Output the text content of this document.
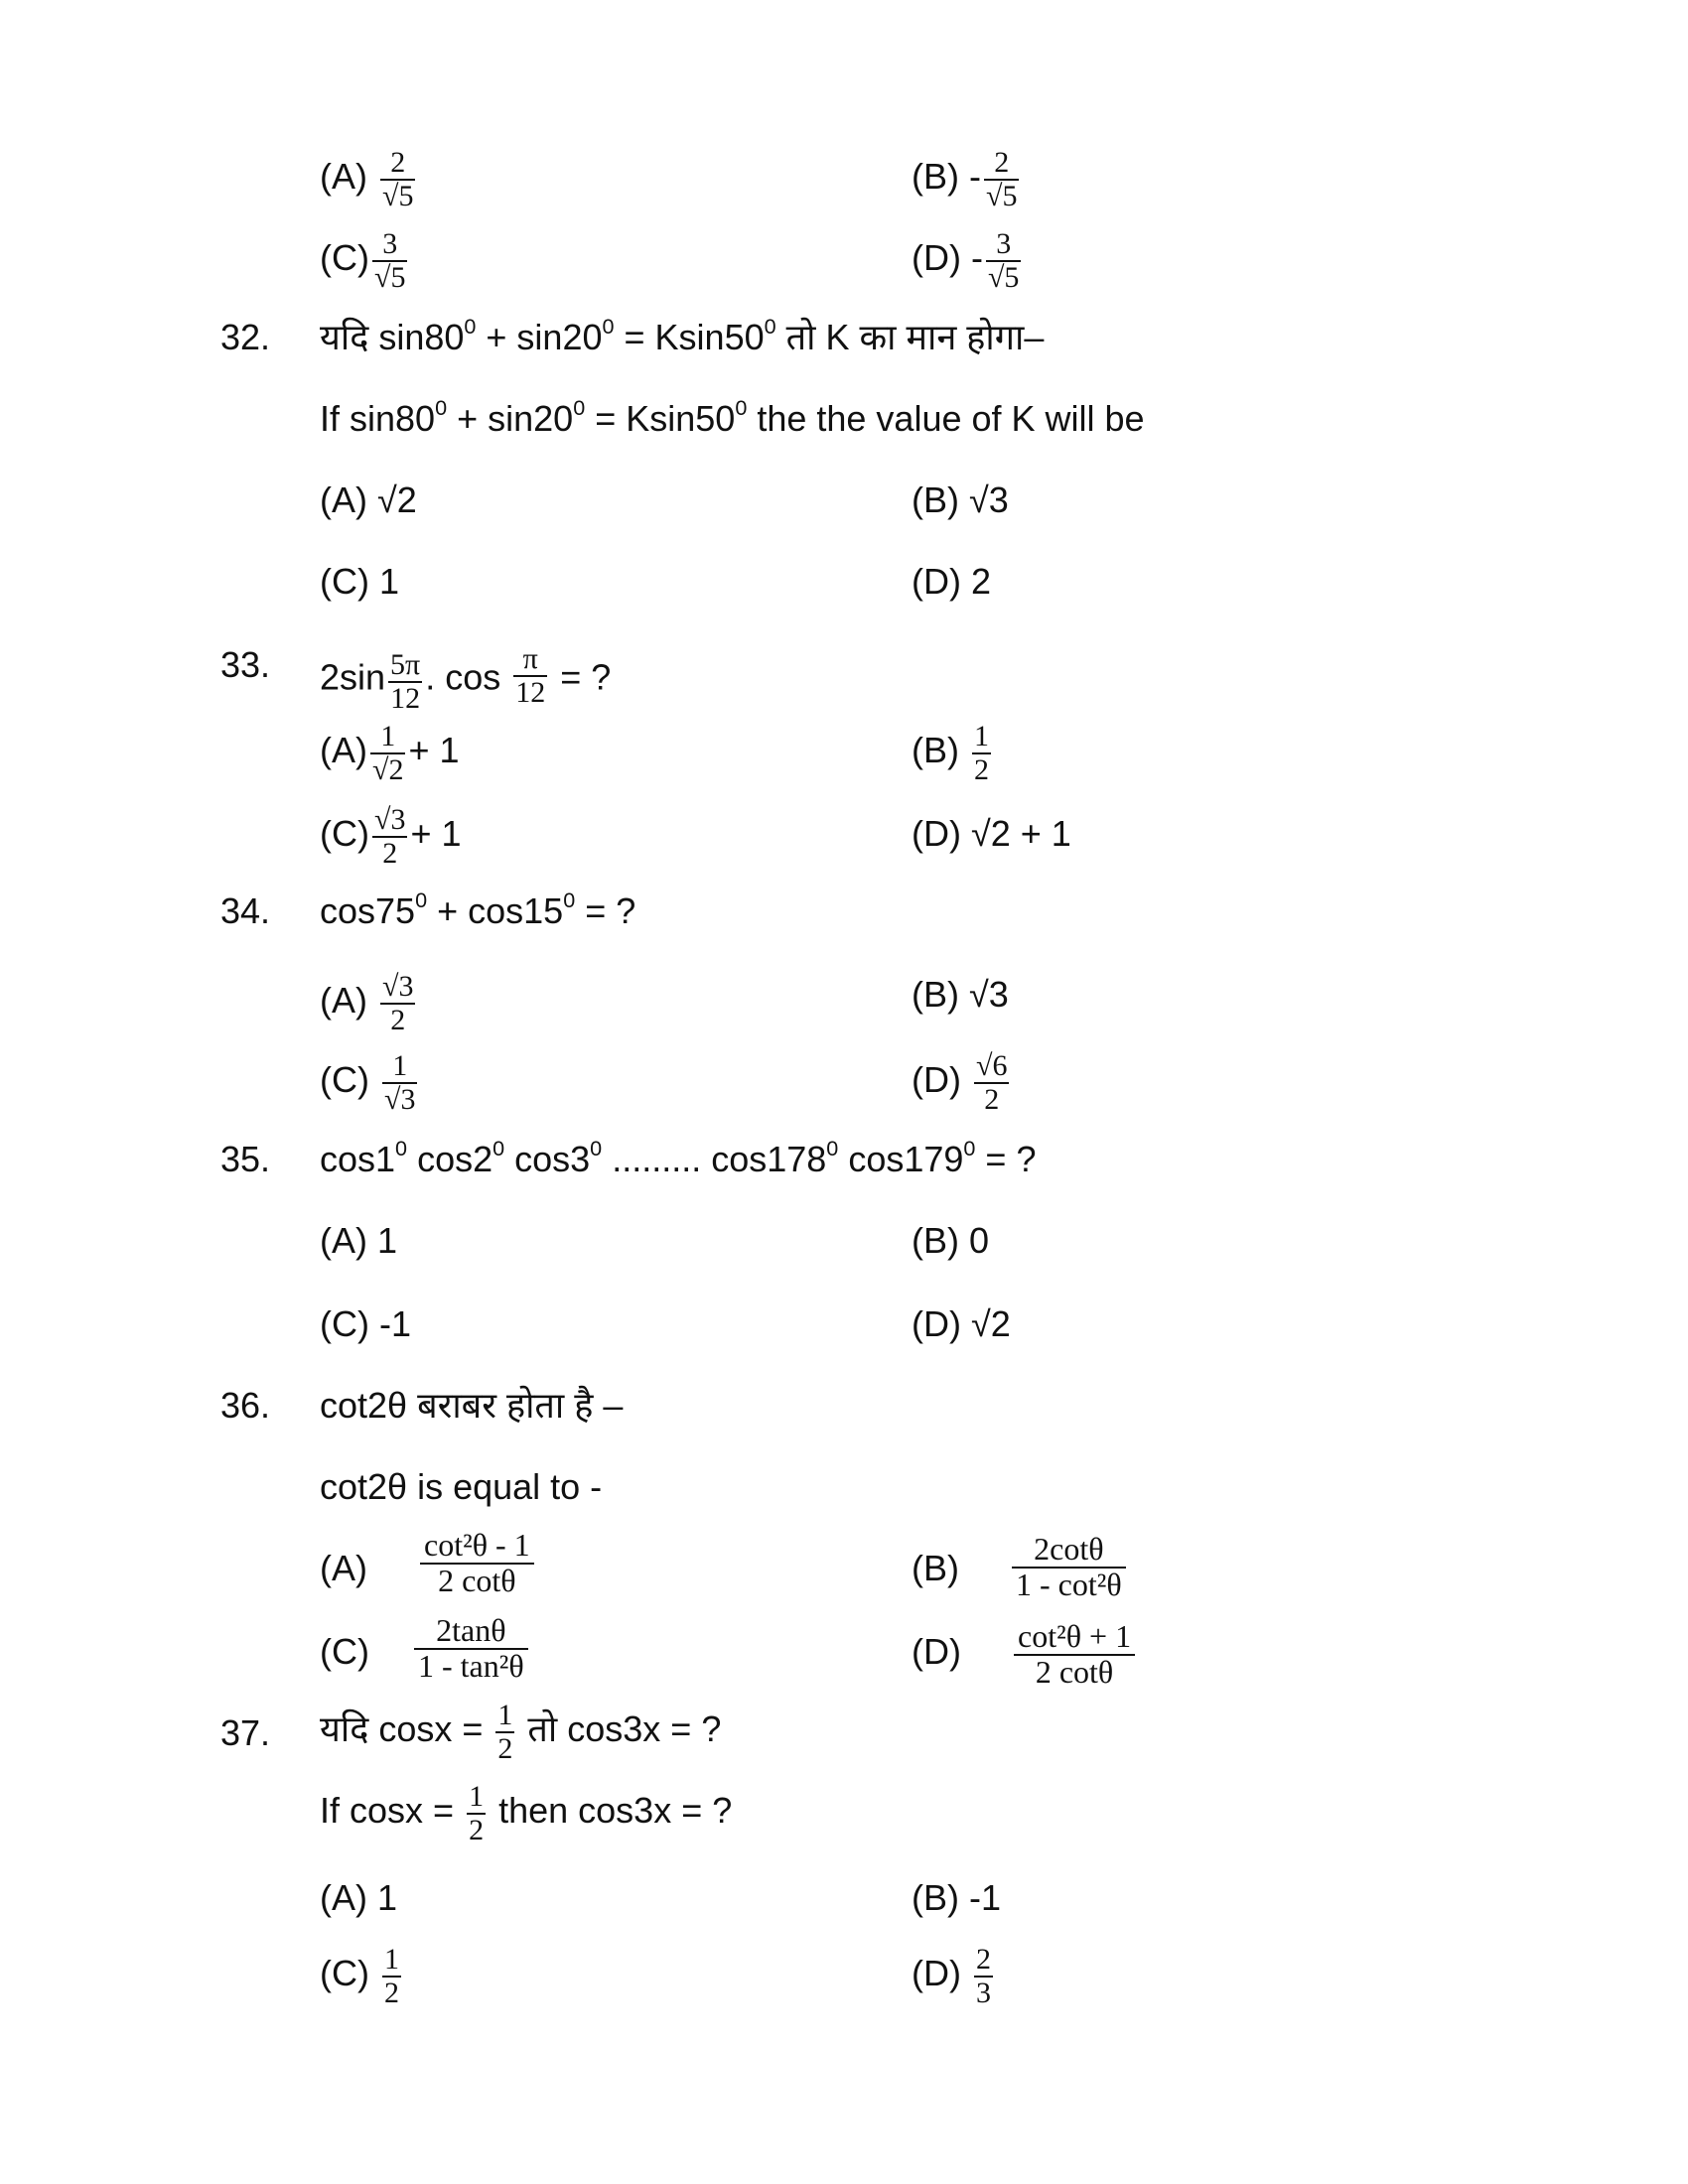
$(A) \frac{2}{√5}$	$(B) - \frac{2}{√5}$
$(C) \frac{3}{√5}$	$(D) - \frac{3}{√5}$
32. यदि $\sin 80^0 + \sin 20^0 = Ksin50^0$ तो K का मान होगा–
If $\sin 80^0 + \sin 20^0 = Ksin50^0$ the the value of K will be
(A) √2	(B) √3
(C) 1	(D) 2
33. $2\sin \frac{5\pi}{12}$ . $\cos \frac{\pi}{12}$ = ?
$(A) \frac{1}{√2} + 1$	$(B) \frac{1}{2}$
$(C) \frac{√3}{2} + 1$	(D) √2 + 1
34. $\cos 75^0 + \cos 15^0$ = ?
$(A) \frac{√3}{2}$	(B) √3
$(C) \frac{1}{√3}$	$(D) \frac{√6}{2}$
35. $\cos 1^0$ $\cos 2^0$ $\cos 3^0$ ......... $\cos 178^0$ $\cos 179^0$ = ?
(A) 1	(B) 0
(C) -1	(D) √2
36. cot2θ बराबर होता है –
cot2θ is equal to -
$(A) \frac{\text{cot²θ - 1}}{2 \cot\theta}$	$(B) \frac{2\cot\theta}{\text{1 - cot²θ}}$
$(C) \frac{2\tan\theta}{\text{1 - tan²θ}}$	$(D) \frac{\text{cot²θ + 1}}{2 \cot\theta}$
37. यदि $\cos x = \frac{1}{2}$ तो cos3x = ?
If $\cos x = \frac{1}{2}$ then cos3x = ?
(A) 1	(B) -1
$(C) \frac{1}{2}$	$(D) \frac{2}{3}$
